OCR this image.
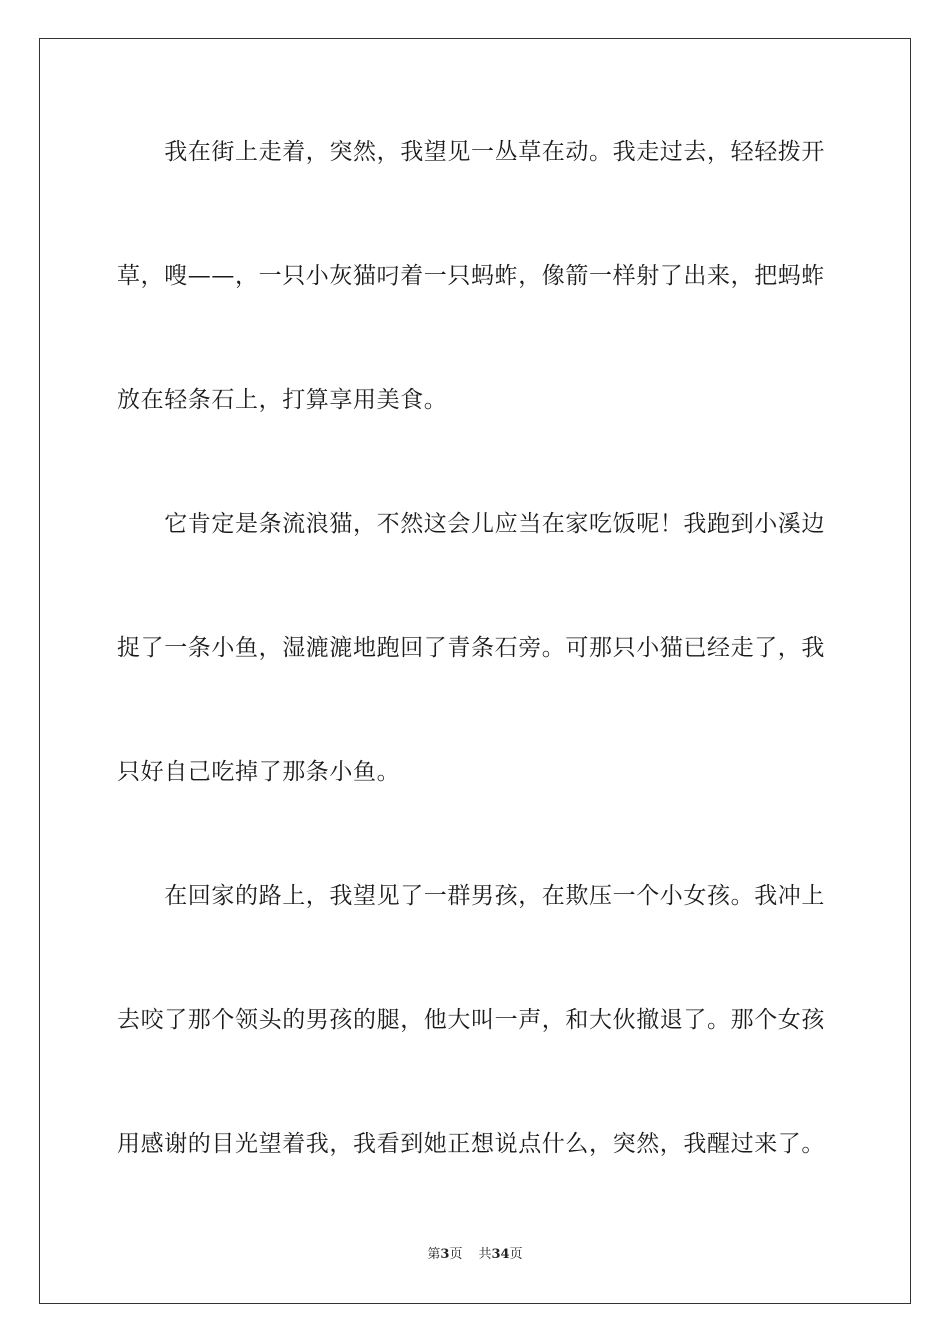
　　我在街上走着，突然，我望见一丛草在动。我走过去，轻轻拨开
草，嗖——，一只小灰猫叼着一只蚂蚱，像箭一样射了出来，把蚂蚱
放在轻条石上，打算享用美食。
　　它肯定是条流浪猫，不然这会儿应当在家吃饭呢！我跑到小溪边
捉了一条小鱼，湿漉漉地跑回了青条石旁。可那只小猫已经走了，我
只好自己吃掉了那条小鱼。
　　在回家的路上，我望见了一群男孩，在欺压一个小女孩。我冲上
去咬了那个领头的男孩的腿，他大叫一声，和大伙撤退了。那个女孩
用感谢的目光望着我，我看到她正想说点什么，突然，我醒过来了。
第3页 共34页
